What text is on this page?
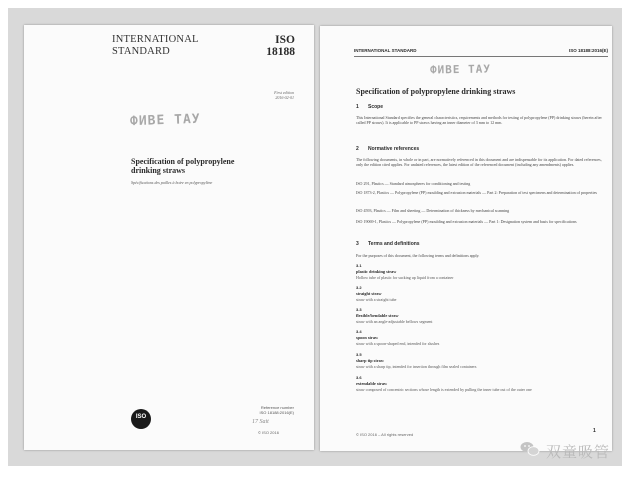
INTERNATIONAL
STANDARD
ISO
18188
First edition
2016-02-01
ФИВЕ ТАУ
Specification of polypropylene
drinking straws
Spécifications des pailles à boire en polypropylène
ISO
Reference number
ISO 18188:2016(E)
17 Sait
© ISO 2016
INTERNATIONAL STANDARD	ISO 18188:2016(E)
ФИВЕ ТАУ
Specification of polypropylene drinking straws
1 Scope
This International Standard specifies the general characteristics, requirements and methods for testing of polypropylene (PP) drinking straws (herein after called PP straws). It is applicable to PP straws having an inner diameter of 3 mm to 12 mm.
2 Normative references
The following documents, in whole or in part, are normatively referenced in this document and are indispensable for its application. For dated references, only the edition cited applies. For undated references, the latest edition of the referenced document (including any amendments) applies.
ISO 291, Plastics — Standard atmospheres for conditioning and testing
ISO 1873-2, Plastics — Polypropylene (PP) moulding and extrusion materials — Part 2: Preparation of test specimens and determination of properties
ISO 4593, Plastics — Film and sheeting — Determination of thickness by mechanical scanning
ISO 19069-1, Plastics — Polypropylene (PP) moulding and extrusion materials — Part 1: Designation system and basis for specifications
3 Terms and definitions
For the purposes of this document, the following terms and definitions apply.
3.1
plastic drinking straw
Hollow tube of plastic for sucking up liquid from a container
3.2
straight straw
straw with a straight tube
3.3
flexible/bendable straw
straw with an angle-adjustable bellows segment
3.4
spoon straw
straw with a spoon-shaped end, intended for slushes
3.5
sharp tip straw
straw with a sharp tip, intended for insertion through film sealed containers
3.6
extendable straw
straw composed of concentric sections whose length is extended by pulling the inner tube out of the outer one
© ISO 2016 – All rights reserved
1
双童吸管
